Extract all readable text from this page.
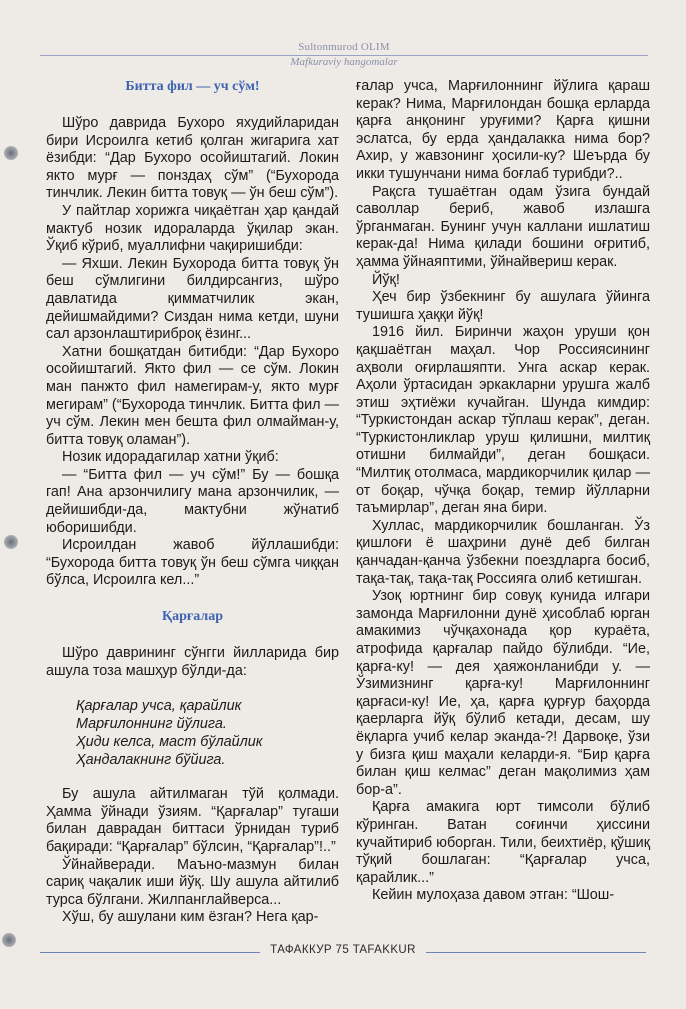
Sultonmurod OLIM
Mafkuraviy hangomalar
Битта фил — уч сўм!

Шўро даврида Бухоро яхудийларидан бири Исроилга кетиб қолган жигарига хат ёзибди: “Дар Бухоро осойиштагий. Локин якто мурғ — понздаҳ сўм” (“Бухорода тинчлик. Лекин битта товуқ — ўн беш сўм”).

У пайтлар хорижга чиқаётган ҳар қандай мактуб нозик идораларда ўқилар экан. Ўқиб кўриб, муаллифни чақиришибди:

— Яхши. Лекин Бухорода битта товуқ ўн беш сўмлигини билдирсангиз, шўро давлатида қимматчилик экан, дейишмайдими? Сиздан нима кетди, шуни сал арзонлаштириброқ ёзинг...

Хатни бошқатдан битибди: “Дар Бухоро осойиштагий. Якто фил — се сўм. Локин ман панжто фил намегирам-у, якто мурғ мегирам” (“Бухорода тинчлик. Битта фил — уч сўм. Лекин мен бешта фил олмайман-у, битта товуқ оламан”).

Нозик идорадагилар хатни ўқиб:

— “Битта фил — уч сўм!” Бу — бошқа гап! Ана арзончилигу мана арзончилик, — дейишибди-да, мактубни жўнатиб юборишибди.

Исроилдан жавоб йўллашибди: “Бухорода битта товуқ ўн беш сўмга чиққан бўлса, Исроилга кел...”

Қарғалар

Шўро даврининг сўнгги йилларида бир ашула тоза машҳур бўлди-да:

Қарғалар учса, қарайлик
Марғилоннинг йўлига.
Ҳиди келса, маст бўлайлик
Ҳандалакнинг бўйига.

Бу ашула айтилмаган тўй қолмади. Ҳамма ўйнади ўзиям. “Қарғалар” тугаши билан даврадан биттаси ўрнидан туриб бақиради: “Қарғалар” бўлсин, “Қарғалар”!..”

Ўйнайверади. Маъно-мазмун билан сариқ чақалик иши йўқ. Шу ашула айтилиб турса бўлгани. Жилпанглайверса...

Хўш, бу ашулани ким ёзган? Нега қар-

ғалар учса, Марғилоннинг йўлига қараш керак? Нима, Марғилондан бошқа ерларда қарға анқонинг уруғими? Қарға қишни эслатса, бу ерда ҳандалакка нима бор? Ахир, у жавзонинг ҳосили-ку? Шеърда бу икки тушунчани нима боғлаб турибди?..

Рақсга тушаётган одам ўзига бундай саволлар бериб, жавоб излашга ўрганмаган. Бунинг учун каллани ишлатиш керак-да! Нима қилади бошини оғритиб, ҳамма ўйнаяптими, ўйнайвериш керак.

Йўқ!

Ҳеч бир ўзбекнинг бу ашулага ўйинга тушишга ҳаққи йўқ!

1916 йил. Биринчи жаҳон уруши қон қақшаётган маҳал. Чор Россиясининг аҳволи оғирлашяпти. Унга аскар керак. Аҳоли ўртасидан эркакларни урушга жалб этиш эҳтиёжи кучайган. Шунда кимдир: “Туркистондан аскар тўплаш керак”, деган. “Туркистонликлар уруш қилишни, милтиқ отишни билмайди”, деган бошқаси. “Милтиқ отолмаса, мардикорчилик қилар — от боқар, чўчқа боқар, темир йўлларни таъмирлар”, деган яна бири.

Хуллас, мардикорчилик бошланган. Ўз қишлоғи ё шаҳрини дунё деб билган қанчадан-қанча ўзбекни поездларга босиб, тақа-тақ, тақа-тақ Россияга олиб кетишган.

Узоқ юртнинг бир совуқ кунида илгари замонда Марғилонни дунё ҳисоблаб юрган амакимиз чўчқахонада қор кураёта, атрофида қарғалар пайдо бўлибди. “Ие, қарға-ку! — дея ҳаяжонланибди у. — Ўзимизнинг қарға-ку! Марғилоннинг қарғаси-ку! Ие, ҳа, қарға қурғур баҳорда қаерларга йўқ бўлиб кетади, десам, шу ёқларга учиб келар эканда-?! Дарвоқе, ўзи у бизга қиш маҳали келарди-я. “Бир қарға билан қиш келмас” деган мақолимиз ҳам бор-а”.

Қарға амакига юрт тимсоли бўлиб кўринган. Ватан соғинчи ҳиссини кучайтириб юборган. Тили, беихтиёр, қўшиқ тўқий бошлаган: “Қарғалар учса, қарайлик...”

Кейин мулоҳаза давом этган: “Шош-

ТАФАККУР 75 TAFAKKUR
